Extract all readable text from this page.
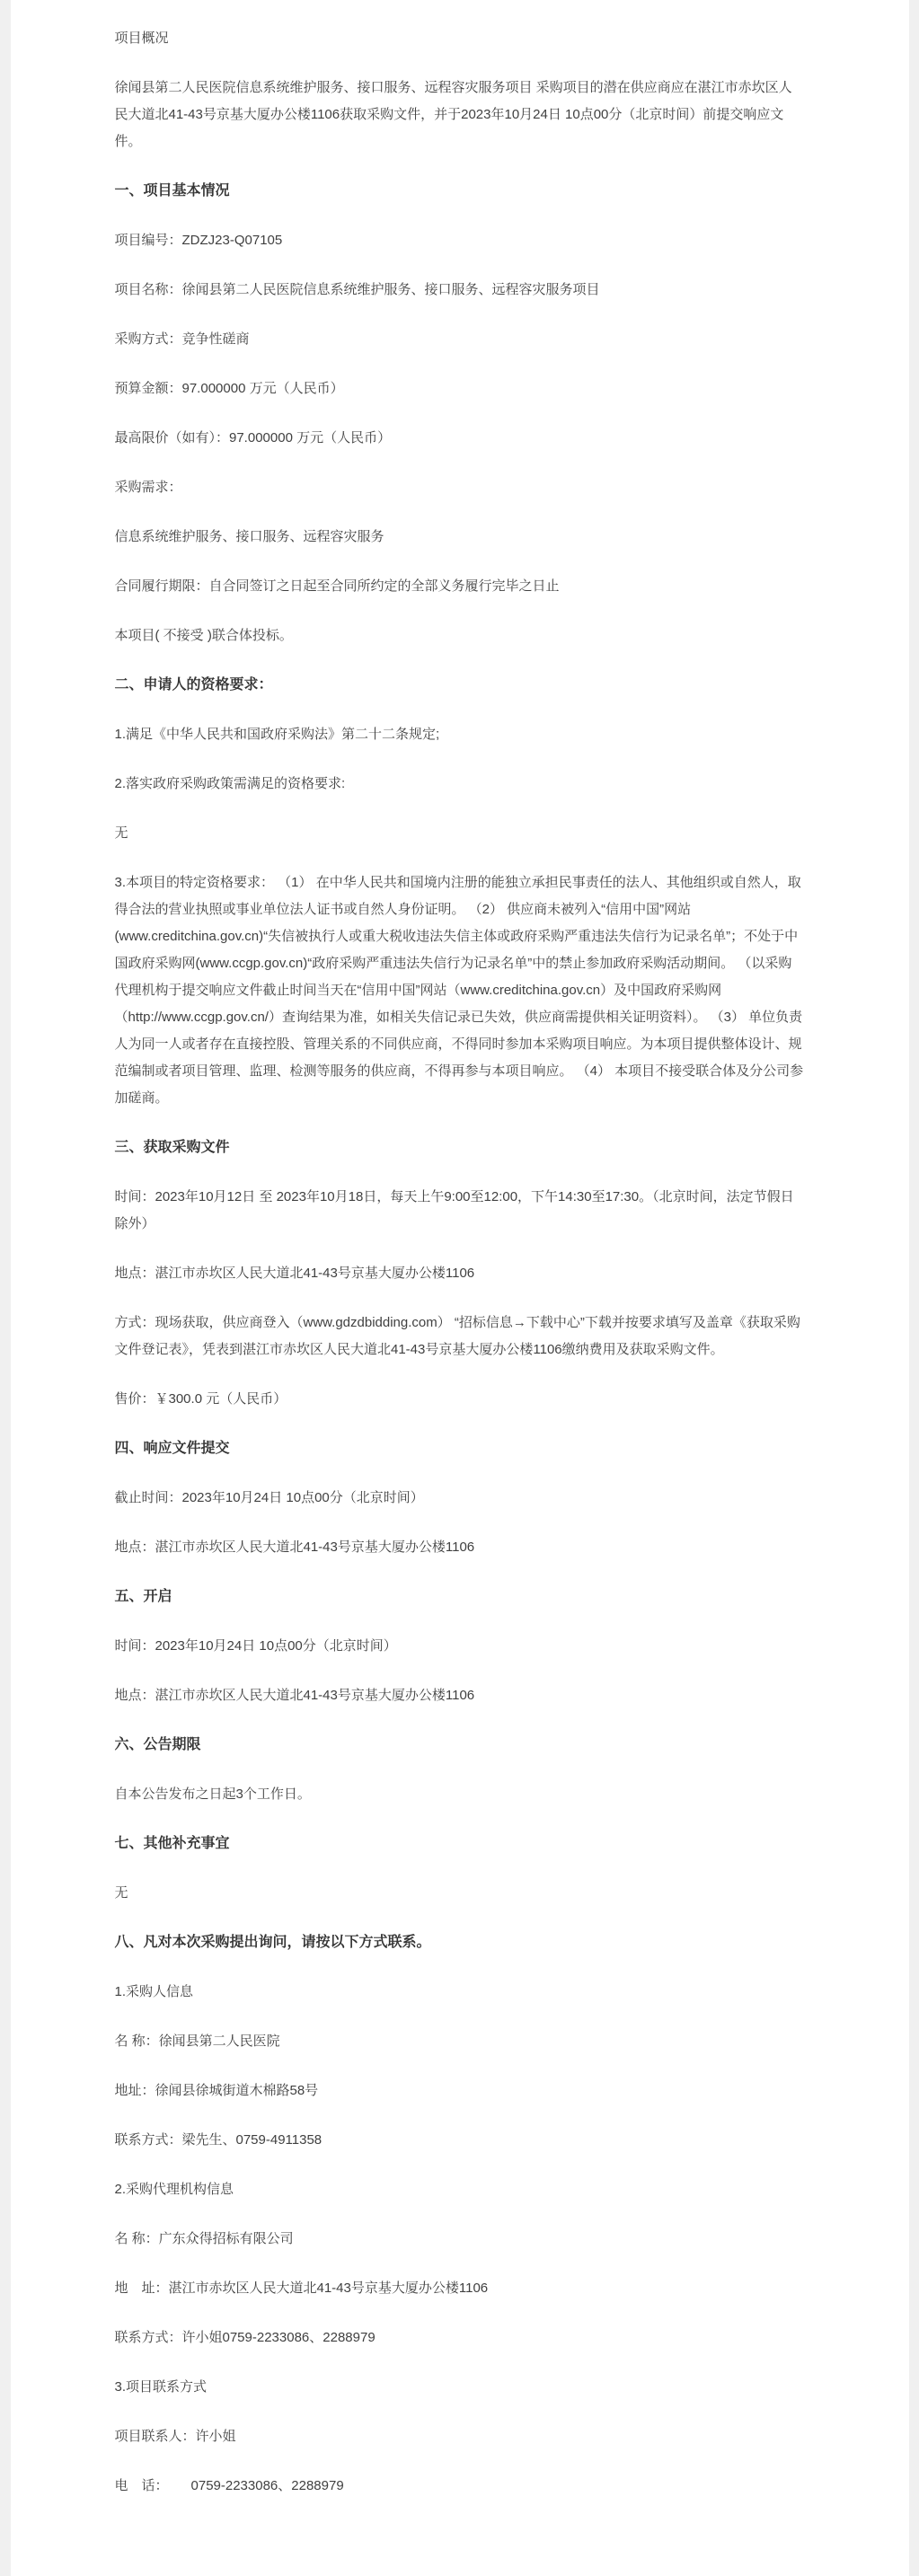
项目概况

徐闻县第二人民医院信息系统维护服务、接口服务、远程容灾服务项目 采购项目的潜在供应商应在湛江市赤坎区人民大道北41-43号京基大厦办公楼1106获取采购文件，并于2023年10月24日 10点00分（北京时间）前提交响应文件。

一、项目基本情况

项目编号：ZDZJ23-Q07105

项目名称：徐闻县第二人民医院信息系统维护服务、接口服务、远程容灾服务项目

采购方式：竞争性磋商

预算金额：97.000000 万元（人民币）

最高限价（如有）：97.000000 万元（人民币）

采购需求：

信息系统维护服务、接口服务、远程容灾服务

合同履行期限：自合同签订之日起至合同所约定的全部义务履行完毕之日止

本项目( 不接受 )联合体投标。

二、申请人的资格要求：

1.满足《中华人民共和国政府采购法》第二十二条规定;

2.落实政府采购政策需满足的资格要求:

无

3.本项目的特定资格要求： （1） 在中华人民共和国境内注册的能独立承担民事责任的法人、其他组织或自然人，取得合法的营业执照或事业单位法人证书或自然人身份证明。 （2） 供应商未被列入“信用中国”网站(www.creditchina.gov.cn)“失信被执行人或重大税收违法失信主体或政府采购严重违法失信行为记录名单”；不处于中国政府采购网(www.ccgp.gov.cn)“政府采购严重违法失信行为记录名单”中的禁止参加政府采购活动期间。 （以采购代理机构于提交响应文件截止时间当天在“信用中国”网站（www.creditchina.gov.cn）及中国政府采购网（http://www.ccgp.gov.cn/）查询结果为准，如相关失信记录已失效，供应商需提供相关证明资料）。 （3） 单位负责人为同一人或者存在直接控股、管理关系的不同供应商，不得同时参加本采购项目响应。为本项目提供整体设计、规范编制或者项目管理、监理、检测等服务的供应商，不得再参与本项目响应。 （4） 本项目不接受联合体及分公司参加磋商。

三、获取采购文件

时间：2023年10月12日 至 2023年10月18日，每天上午9:00至12:00，下午14:30至17:30。（北京时间，法定节假日除外）

地点：湛江市赤坎区人民大道北41-43号京基大厦办公楼1106

方式：现场获取，供应商登入（www.gdzdbidding.com） “招标信息→下载中心”下载并按要求填写及盖章《获取采购文件登记表》，凭表到湛江市赤坎区人民大道北41-43号京基大厦办公楼1106缴纳费用及获取采购文件。

售价：￥300.0 元（人民币）

四、响应文件提交

截止时间：2023年10月24日 10点00分（北京时间）

地点：湛江市赤坎区人民大道北41-43号京基大厦办公楼1106

五、开启

时间：2023年10月24日 10点00分（北京时间）

地点：湛江市赤坎区人民大道北41-43号京基大厦办公楼1106

六、公告期限

自本公告发布之日起3个工作日。

七、其他补充事宜

无

八、凡对本次采购提出询问，请按以下方式联系。

1.采购人信息

名 称：徐闻县第二人民医院

地址：徐闻县徐城街道木棉路58号

联系方式：梁先生、0759-4911358

2.采购代理机构信息

名 称：广东众得招标有限公司

地　址：湛江市赤坎区人民大道北41-43号京基大厦办公楼1106

联系方式：许小姐0759-2233086、2288979

3.项目联系方式

项目联系人：许小姐

电　话：      0759-2233086、2288979
